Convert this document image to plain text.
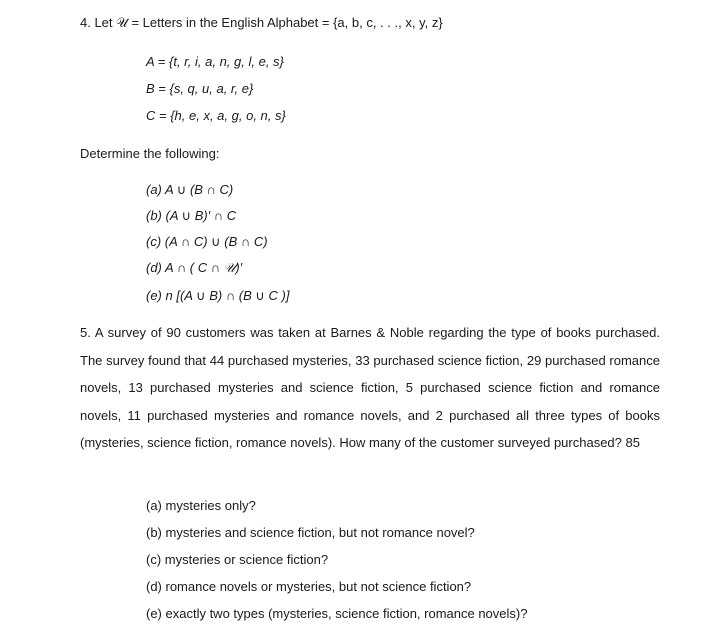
4. Let 𝒰 = Letters in the English Alphabet = {a, b, c, . . ., x, y, z}
A = {t, r, i, a, n, g, l, e, s}
B = {s, q, u, a, r, e}
C = {h, e, x, a, g, o, n, s}
Determine the following:
(a) A ∪ (B ∩ C)
(b) (A ∪ B)′ ∩ C
(c) (A ∩ C) ∪ (B ∩ C)
(d) A ∩ ( C ∩ 𝒰)′
(e) n [(A ∪ B) ∩ (B ∪ C )]
5. A survey of 90 customers was taken at Barnes & Noble regarding the type of books purchased. The survey found that 44 purchased mysteries, 33 purchased science fiction, 29 purchased romance novels, 13 purchased mysteries and science fiction, 5 purchased science fiction and romance novels, 11 purchased mysteries and romance novels, and 2 purchased all three types of books (mysteries, science fiction, romance novels). How many of the customer surveyed purchased? 85
(a) mysteries only?
(b) mysteries and science fiction, but not romance novel?
(c) mysteries or science fiction?
(d) romance novels or mysteries, but not science fiction?
(e) exactly two types (mysteries, science fiction, romance novels)?
